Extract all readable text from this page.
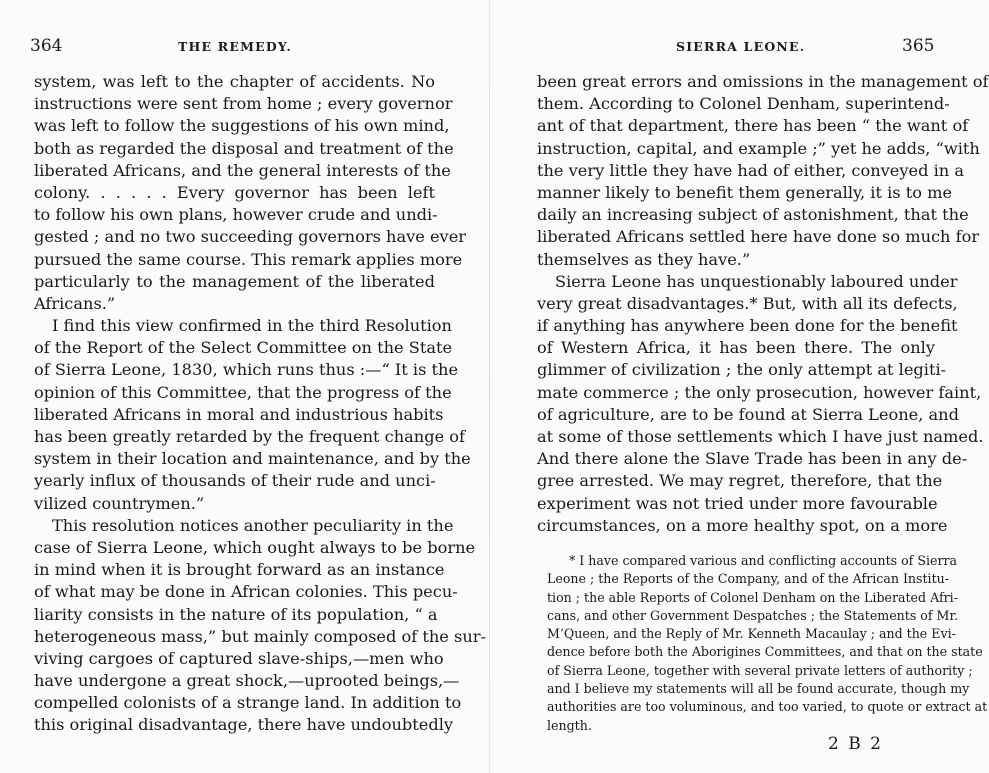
364	THE REMEDY.
system, was left to the chapter of accidents. No
instructions were sent from home ; every governor
was left to follow the suggestions of his own mind,
both as regarded the disposal and treatment of the
liberated Africans, and the general interests of the
colony. . . . . . Every governor has been left
to follow his own plans, however crude and undi-
gested ; and no two succeeding governors have ever
pursued the same course. This remark applies more
particularly to the management of the liberated
Africans.”
I find this view confirmed in the third Resolution
of the Report of the Select Committee on the State
of Sierra Leone, 1830, which runs thus :—“ It is the
opinion of this Committee, that the progress of the
liberated Africans in moral and industrious habits
has been greatly retarded by the frequent change of
system in their location and maintenance, and by the
yearly influx of thousands of their rude and unci-
vilized countrymen.”
This resolution notices another peculiarity in the
case of Sierra Leone, which ought always to be borne
in mind when it is brought forward as an instance
of what may be done in African colonies. This pecu-
liarity consists in the nature of its population, “ a
heterogeneous mass,” but mainly composed of the sur-
viving cargoes of captured slave-ships,—men who
have undergone a great shock,—uprooted beings,—
compelled colonists of a strange land. In addition to
this original disadvantage, there have undoubtedly
SIERRA LEONE.	365
been great errors and omissions in the management of
them. According to Colonel Denham, superintend-
ant of that department, there has been “ the want of
instruction, capital, and example ;” yet he adds, “with
the very little they have had of either, conveyed in a
manner likely to benefit them generally, it is to me
daily an increasing subject of astonishment, that the
liberated Africans settled here have done so much for
themselves as they have.”
Sierra Leone has unquestionably laboured under
very great disadvantages.* But, with all its defects,
if anything has anywhere been done for the benefit
of Western Africa, it has been there. The only
glimmer of civilization ; the only attempt at legiti-
mate commerce ; the only prosecution, however faint,
of agriculture, are to be found at Sierra Leone, and
at some of those settlements which I have just named.
And there alone the Slave Trade has been in any de-
gree arrested. We may regret, therefore, that the
experiment was not tried under more favourable
circumstances, on a more healthy spot, on a more
* I have compared various and conflicting accounts of Sierra
Leone ; the Reports of the Company, and of the African Institu-
tion ; the able Reports of Colonel Denham on the Liberated Afri-
cans, and other Government Despatches ; the Statements of Mr.
M‘Queen, and the Reply of Mr. Kenneth Macaulay ; and the Evi-
dence before both the Aborigines Committees, and that on the state
of Sierra Leone, together with several private letters of authority ;
and I believe my statements will all be found accurate, though my
authorities are too voluminous, and too varied, to quote or extract at
length.
2 B 2
